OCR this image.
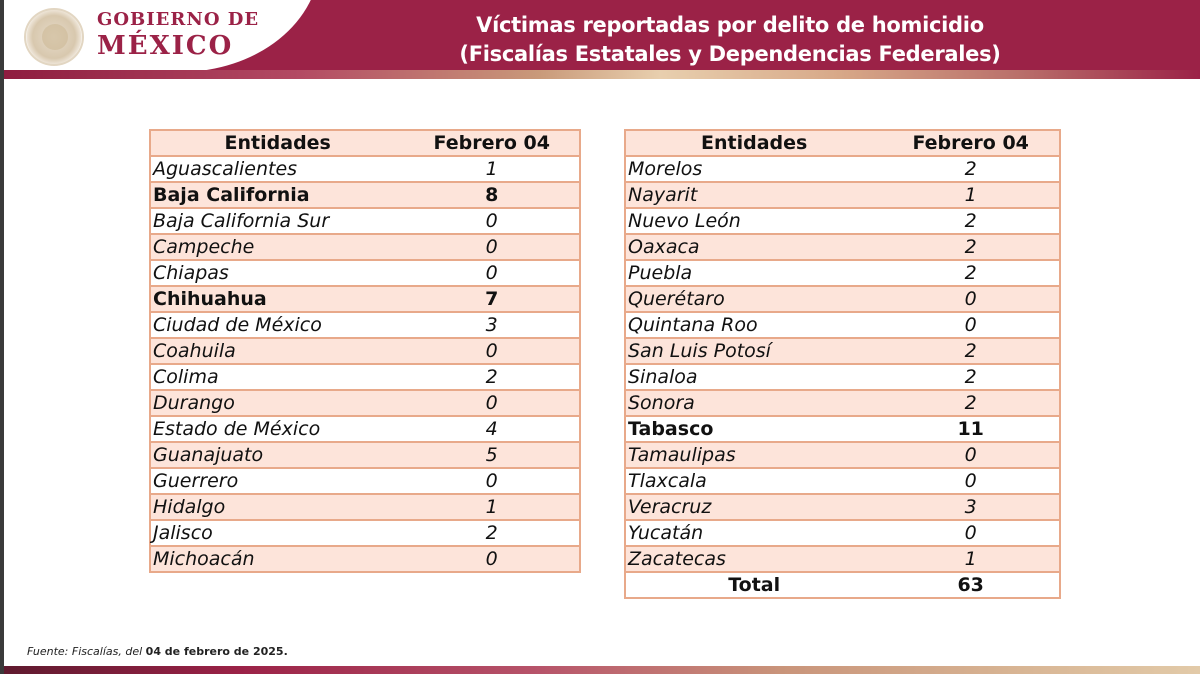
GOBIERNO DE
MÉXICO
Víctimas reportadas por delito de homicidio
(Fiscalías Estatales y Dependencias Federales)
Entidades	Febrero 04
Aguascalientes	1
Baja California	8
Baja California Sur	0
Campeche	0
Chiapas	0
Chihuahua	7
Ciudad de México	3
Coahuila	0
Colima	2
Durango	0
Estado de México	4
Guanajuato	5
Guerrero	0
Hidalgo	1
Jalisco	2
Michoacán	0
Entidades	Febrero 04
Morelos	2
Nayarit	1
Nuevo León	2
Oaxaca	2
Puebla	2
Querétaro	0
Quintana Roo	0
San Luis Potosí	2
Sinaloa	2
Sonora	2
Tabasco	11
Tamaulipas	0
Tlaxcala	0
Veracruz	3
Yucatán	0
Zacatecas	1
Total	63
Fuente: Fiscalías, del 04 de febrero de 2025.
